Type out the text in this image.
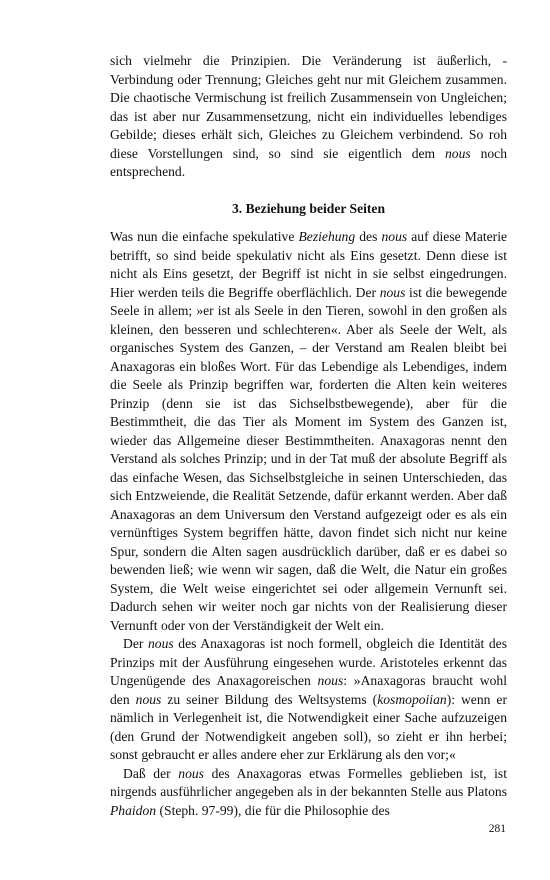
sich vielmehr die Prinzipien. Die Veränderung ist äußerlich, - Verbindung oder Trennung; Gleiches geht nur mit Gleichem zusammen. Die chaotische Vermischung ist freilich Zusammensein von Ungleichen; das ist aber nur Zusammensetzung, nicht ein individuelles lebendiges Gebilde; dieses erhält sich, Gleiches zu Gleichem verbindend. So roh diese Vorstellungen sind, so sind sie eigentlich dem nous noch entsprechend.

3. Beziehung beider Seiten

Was nun die einfache spekulative Beziehung des nous auf diese Materie betrifft, so sind beide spekulativ nicht als Eins gesetzt. Denn diese ist nicht als Eins gesetzt, der Begriff ist nicht in sie selbst eingedrungen. Hier werden teils die Begriffe oberflächlich. Der nous ist die bewegende Seele in allem; »er ist als Seele in den Tieren, sowohl in den großen als kleinen, den besseren und schlechteren«. Aber als Seele der Welt, als organisches System des Ganzen, – der Verstand am Realen bleibt bei Anaxagoras ein bloßes Wort. Für das Lebendige als Lebendiges, indem die Seele als Prinzip begriffen war, forderten die Alten kein weiteres Prinzip (denn sie ist das Sichselbstbewegende), aber für die Bestimmtheit, die das Tier als Moment im System des Ganzen ist, wieder das Allgemeine dieser Bestimmtheiten. Anaxagoras nennt den Verstand als solches Prinzip; und in der Tat muß der absolute Begriff als das einfache Wesen, das Sichselbstgleiche in seinen Unterschieden, das sich Entzweiende, die Realität Setzende, dafür erkannt werden. Aber daß Anaxagoras an dem Universum den Verstand aufgezeigt oder es als ein vernünftiges System begriffen hätte, davon findet sich nicht nur keine Spur, sondern die Alten sagen ausdrücklich darüber, daß er es dabei so bewenden ließ; wie wenn wir sagen, daß die Welt, die Natur ein großes System, die Welt weise eingerichtet sei oder allgemein Vernunft sei. Dadurch sehen wir weiter noch gar nichts von der Realisierung dieser Vernunft oder von der Verständigkeit der Welt ein.

Der nous des Anaxagoras ist noch formell, obgleich die Identität des Prinzips mit der Ausführung eingesehen wurde. Aristoteles erkennt das Ungenügende des Anaxagoreischen nous: »Anaxagoras braucht wohl den nous zu seiner Bildung des Weltsystems (kosmopoiian): wenn er nämlich in Verlegenheit ist, die Notwendigkeit einer Sache aufzuzeigen (den Grund der Notwendigkeit angeben soll), so zieht er ihn herbei; sonst gebraucht er alles andere eher zur Erklärung als den vor;«

Daß der nous des Anaxagoras etwas Formelles geblieben ist, ist nirgends ausführlicher angegeben als in der bekannten Stelle aus Platons Phaidon (Steph. 97-99), die für die Philosophie des

281
